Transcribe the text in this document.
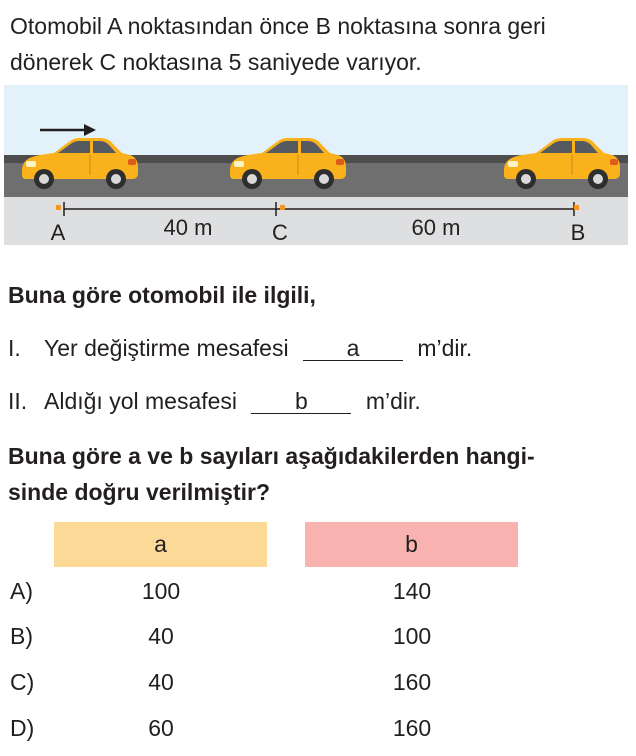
Otomobil A noktasından önce B noktasına sonra geri
dönerek C noktasına 5 saniyede varıyor.
A	C	B
40 m	60 m
Buna göre otomobil ile ilgili,
I. Yer değiştirme mesafesi	a	m’dir.
II. Aldığı yol mesafesi	b	m’dir.
Buna göre a ve b sayıları aşağıdakilerden hangi-
sinde doğru verilmiştir?
a	b
A)	100	140
B)	40	100
C)	40	160
D)	60	160
